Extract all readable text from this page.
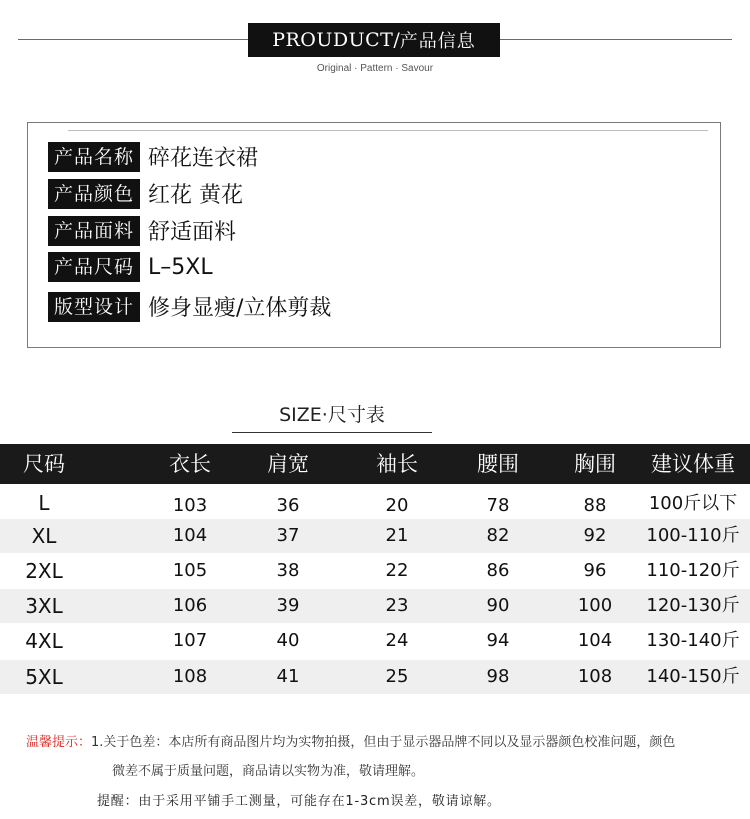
PROUDUCT / 产品信息
Original · Pattern · Savour
产品名称 碎花连衣裙
产品颜色 红花 黄花
产品面料 舒适面料
产品尺码 L–5XL
版型设计 修身显瘦/立体剪裁
SIZE·尺寸表
尺码	衣长	肩宽	袖长	腰围	胸围 建议体重
L	103	36	20	78	88 100斤以下
XL	104	37	21	82	92 100-110斤
2XL	105	38	22	86	96 110-120斤
3XL	106	39	23	90	100 120-130斤
4XL	107	40	24	94	104 130-140斤
5XL	108	41	25	98	108 140-150斤
温馨提示：1.关于色差：本店所有商品图片均为实物拍摄，但由于显示器品牌不同以及显示器颜色校准问题，颜色
微差不属于质量问题，商品请以实物为准，敬请理解。
提醒：由于采用平铺手工测量，可能存在1-3cm误差，敬请谅解。
